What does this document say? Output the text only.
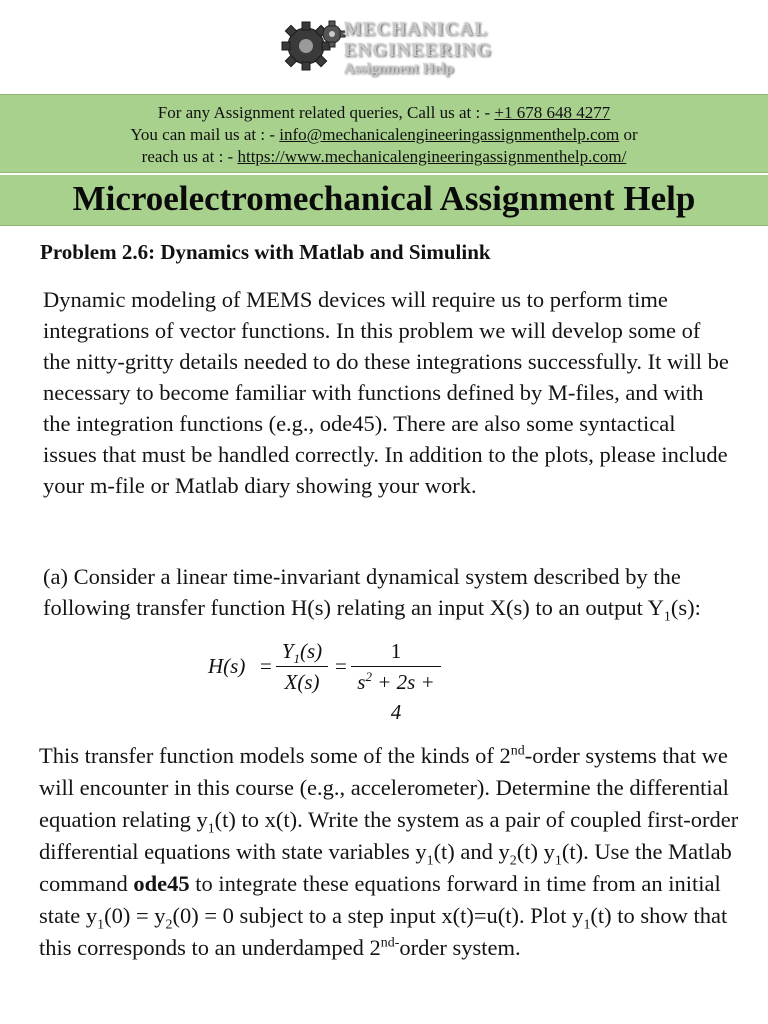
MECHANICAL
ENGINEERING
Assignment Help
For any Assignment related queries, Call us at : - +1 678 648 4277
You can mail us at : - info@mechanicalengineeringassignmenthelp.com or
reach us at : - https://www.mechanicalengineeringassignmenthelp.com/
Microelectromechanical Assignment Help
Problem 2.6: Dynamics with Matlab and Simulink
Dynamic modeling of MEMS devices will require us to perform time integrations of vector functions. In this problem we will develop some of the nitty-gritty details needed to do these integrations successfully. It will be necessary to become familiar with functions defined by M-files, and with the integration functions (e.g., ode45). There are also some syntactical issues that must be handled correctly. In addition to the plots, please include your m-file or Matlab diary showing your work.
(a) Consider a linear time-invariant dynamical system described by the following transfer function H(s) relating an input X(s) to an output $Y_1(s)$:
H(s) =
$Y_1(s)$
X(s)
=
1
$s^2 + 2s + 4$
This transfer function models some of the kinds of 2nd-order systems that we will encounter in this course (e.g., accelerometer). Determine the differential equation relating $y_1(t)$ to x(t). Write the system as a pair of coupled first-order differential equations with state variables $y_1(t)$ and $y_2(t)$ $y_1(t)$. Use the Matlab command ode45 to integrate these equations forward in time from an initial state $y_1(0) = y_2(0) = 0$ subject to a step input x(t)=u(t). Plot $y_1(t)$ to show that this corresponds to an underdamped $2^{nd-}order$ system.
